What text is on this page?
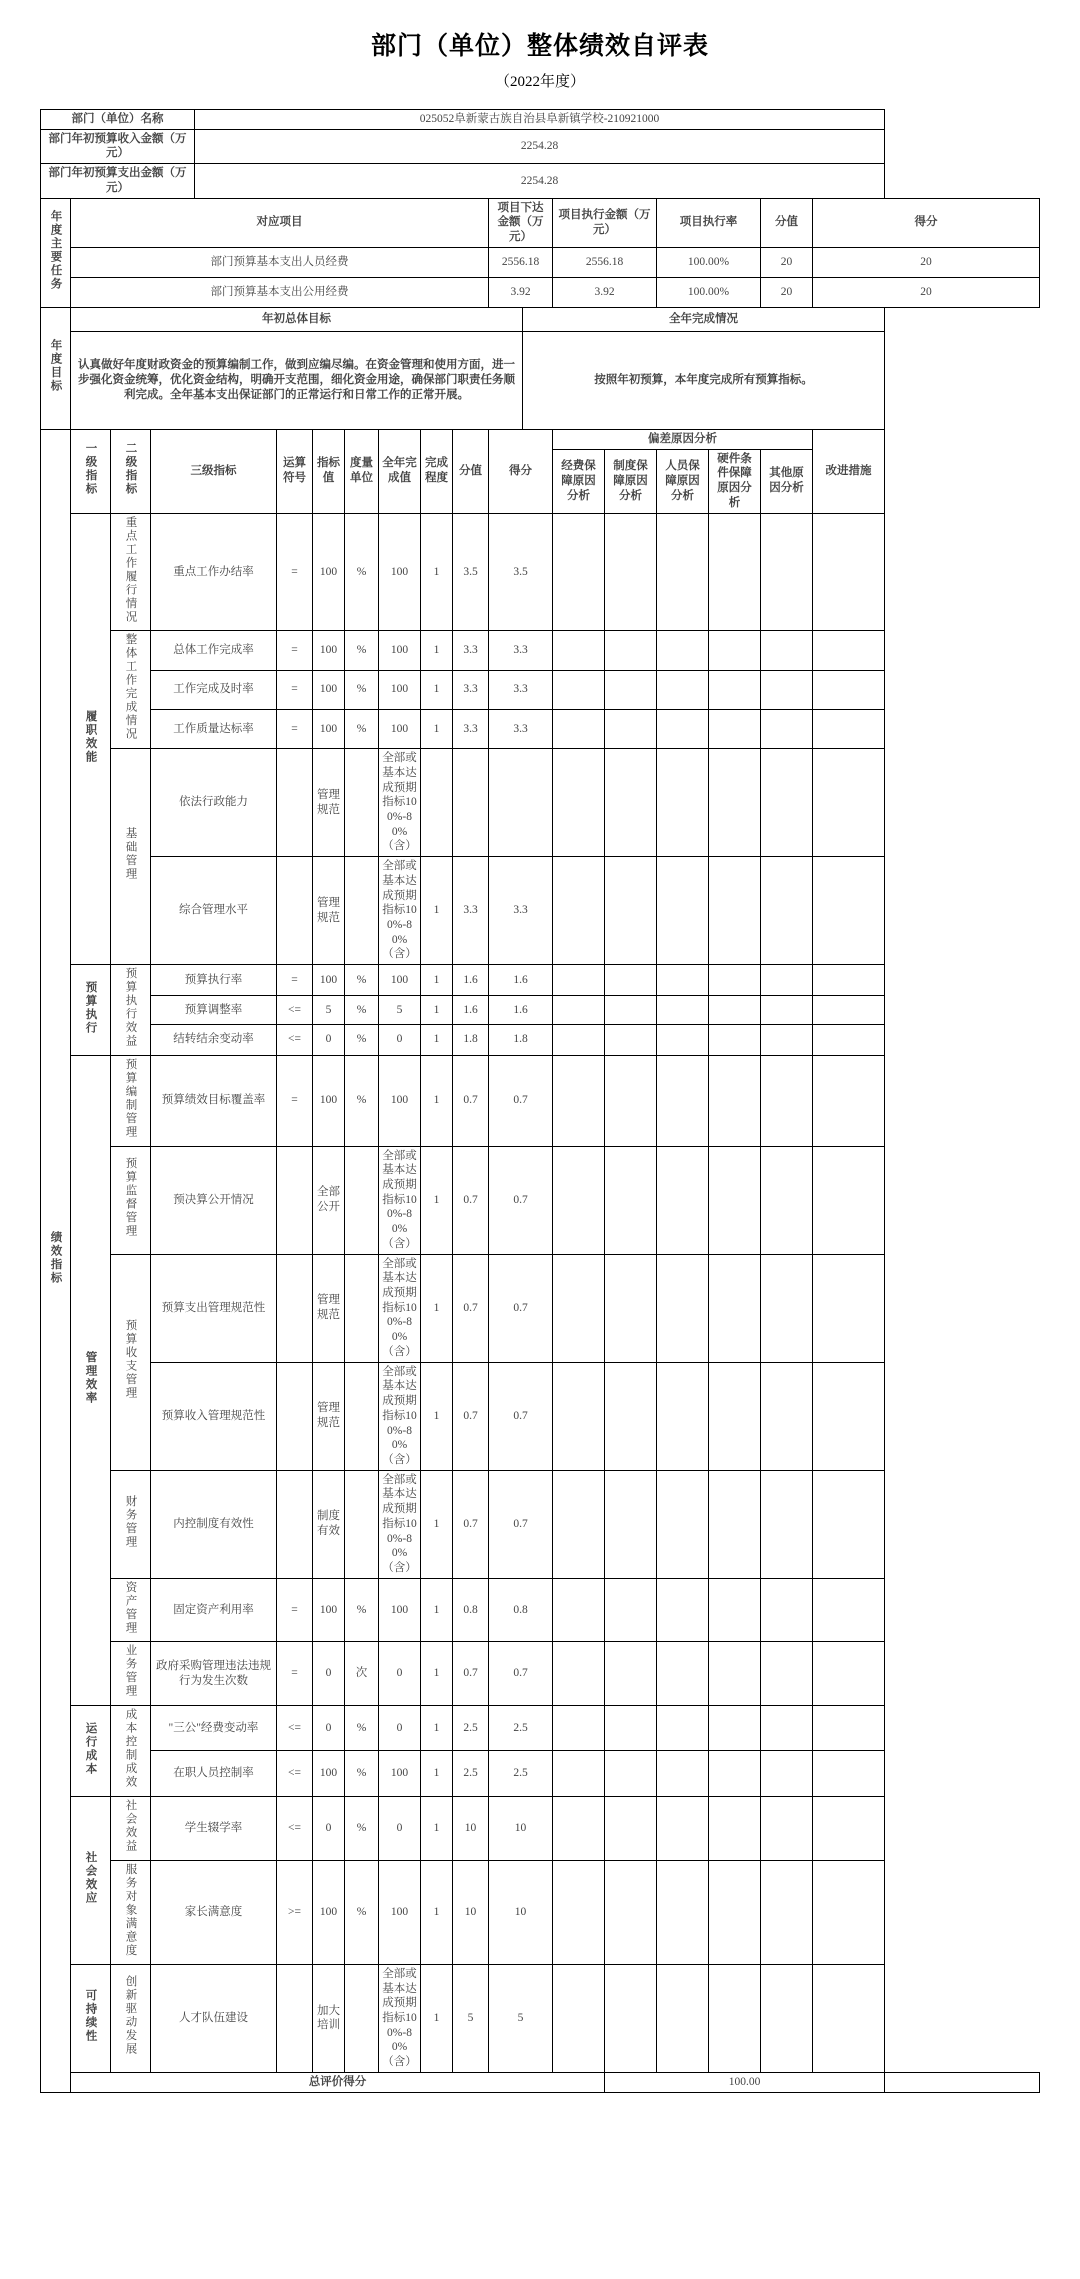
部门（单位）整体绩效自评表
（2022年度）
部门（单位）名称				025052阜新蒙古族自治县阜新镇学校-210921000															
部门年初预算收入金额（万元）				2254.28															
部门年初预算支出金额（万元）				2254.28															
年度主要任务	对应项目										项目下达金额（万元）		项目执行金额（万元）		项目执行率		分值	得分	
	部门预算基本支出人员经费										2556.18		2556.18		100.00%		20	20	
	部门预算基本支出公用经费										3.92		3.92		100.00%		20	20	
年度目标	年初总体目标											全年完成情况							
	认真做好年度财政资金的预算编制工作，做到应编尽编。在资金管理和使用方面，进一步强化资金统筹，优化资金结构，明确开支范围，细化资金用途，确保部门职责任务顺利完成。全年基本支出保证部门的正常运行和日常工作的正常开展。											按照年初预算，本年度完成所有预算指标。							
绩效指标	一级指标	二级指标	三级指标		运算符号	指标值	度量单位	全年完成值	完成程度	分值	得分		偏差原因分析					改进措施	
													经费保障原因分析	制度保障原因分析	人员保障原因分析	硬件条件保障原因分析	其他原因分析		
	履职效能	重点工作履行情况	重点工作办结率		=	100	%	100	1	3.5	3.5								
		整体工作完成情况	总体工作完成率		=	100	%	100	1	3.3	3.3								
			工作完成及时率		=	100	%	100	1	3.3	3.3								
			工作质量达标率		=	100	%	100	1	3.3	3.3								
		基础管理	依法行政能力			管理规范		全部或基本达成预期指标100%-80%（含）											

			综合管理水平			管理规范		全部或基本达成预期指标100%-80%（含）	1	3.3	3.3								

	预算执行	预算执行效益	预算执行率		=	100	%	100	1	1.6	1.6								
			预算调整率		<=	5	%	5	1	1.6	1.6								
			结转结余变动率		<=	0	%	0	1	1.8	1.8								
	管理效率	预算编制管理	预算绩效目标覆盖率		=	100	%	100	1	0.7	0.7								
		预算监督管理	预决算公开情况			全部公开		全部或基本达成预期指标100%-80%（含）	1	0.7	0.7								

		预算收支管理	预算支出管理规范性			管理规范		全部或基本达成预期指标100%-80%（含）	1	0.7	0.7								

			预算收入管理规范性			管理规范		全部或基本达成预期指标100%-80%（含）	1	0.7	0.7								

		财务管理	内控制度有效性			制度有效		全部或基本达成预期指标100%-80%（含）	1	0.7	0.7								

		资产管理	固定资产利用率		=	100	%	100	1	0.8	0.8								
		业务管理	政府采购管理违法违规行为发生次数		=	0	次	0	1	0.7	0.7								
	运行成本	成本控制成效	"三公"经费变动率		<=	0	%	0	1	2.5	2.5								
			在职人员控制率		<=	100	%	100	1	2.5	2.5								
	社会效应	社会效益	学生辍学率		<=	0	%	0	1	10	10								
		服务对象满意度	家长满意度		>=	100	%	100	1	10	10								
	可持续性	创新驱动发展	人才队伍建设			加大培训		全部或基本达成预期指标100%-80%（含）	1	5	5								

	总评价得分													100.00					
